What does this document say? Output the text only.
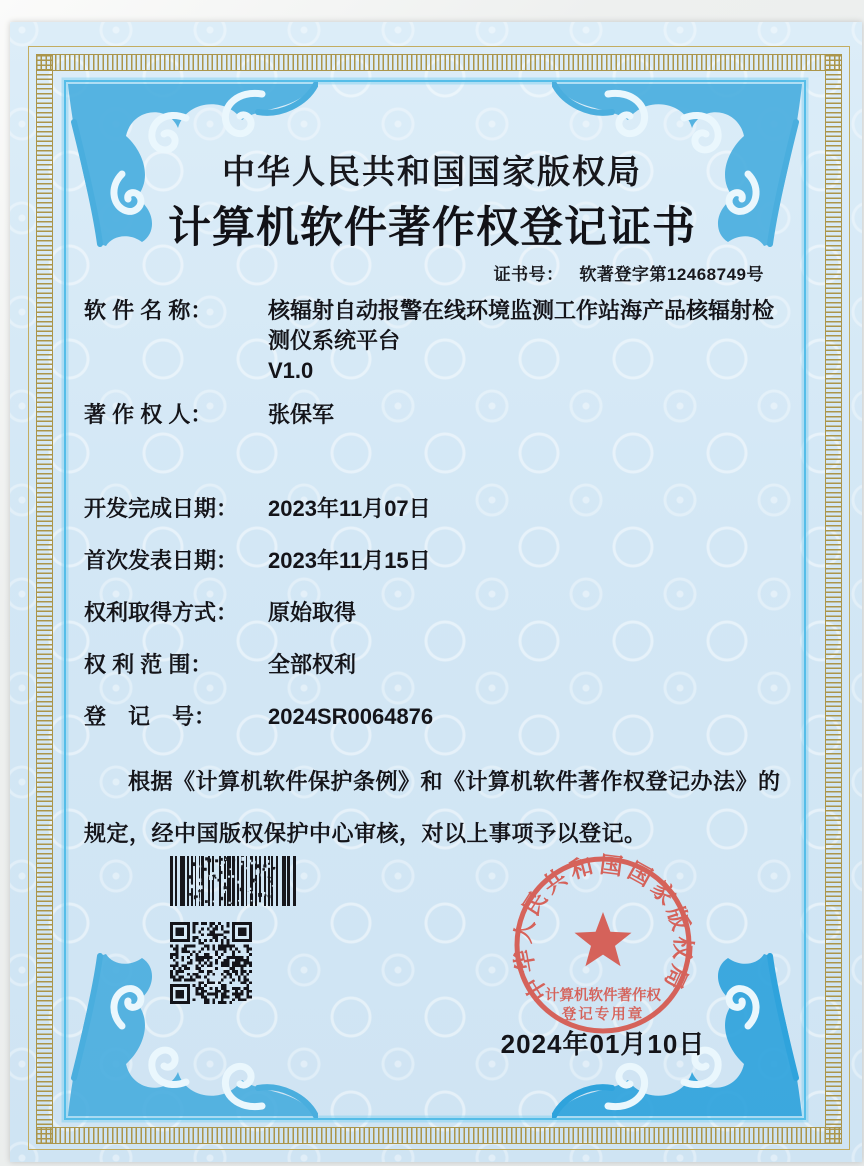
中华人民共和国国家版权局
计算机软件著作权登记证书
证书号： 软著登字第12468749号
软 件 名 称：	核辐射自动报警在线环境监测工作站海产品核辐射检测仪系统平台
V1.0
著 作 权 人：	张保军
开发完成日期：	2023年11月07日
首次发表日期：	2023年11月15日
权利取得方式：	原始取得
权 利 范 围：	全部权利
登　记　号：	2024SR0064876
根据《计算机软件保护条例》和《计算机软件著作权登记办法》的规定，经中国版权保护中心审核，对以上事项予以登记。
中华人民共和国国家版权局
计算机软件著作权
登记专用章
2024年01月10日
